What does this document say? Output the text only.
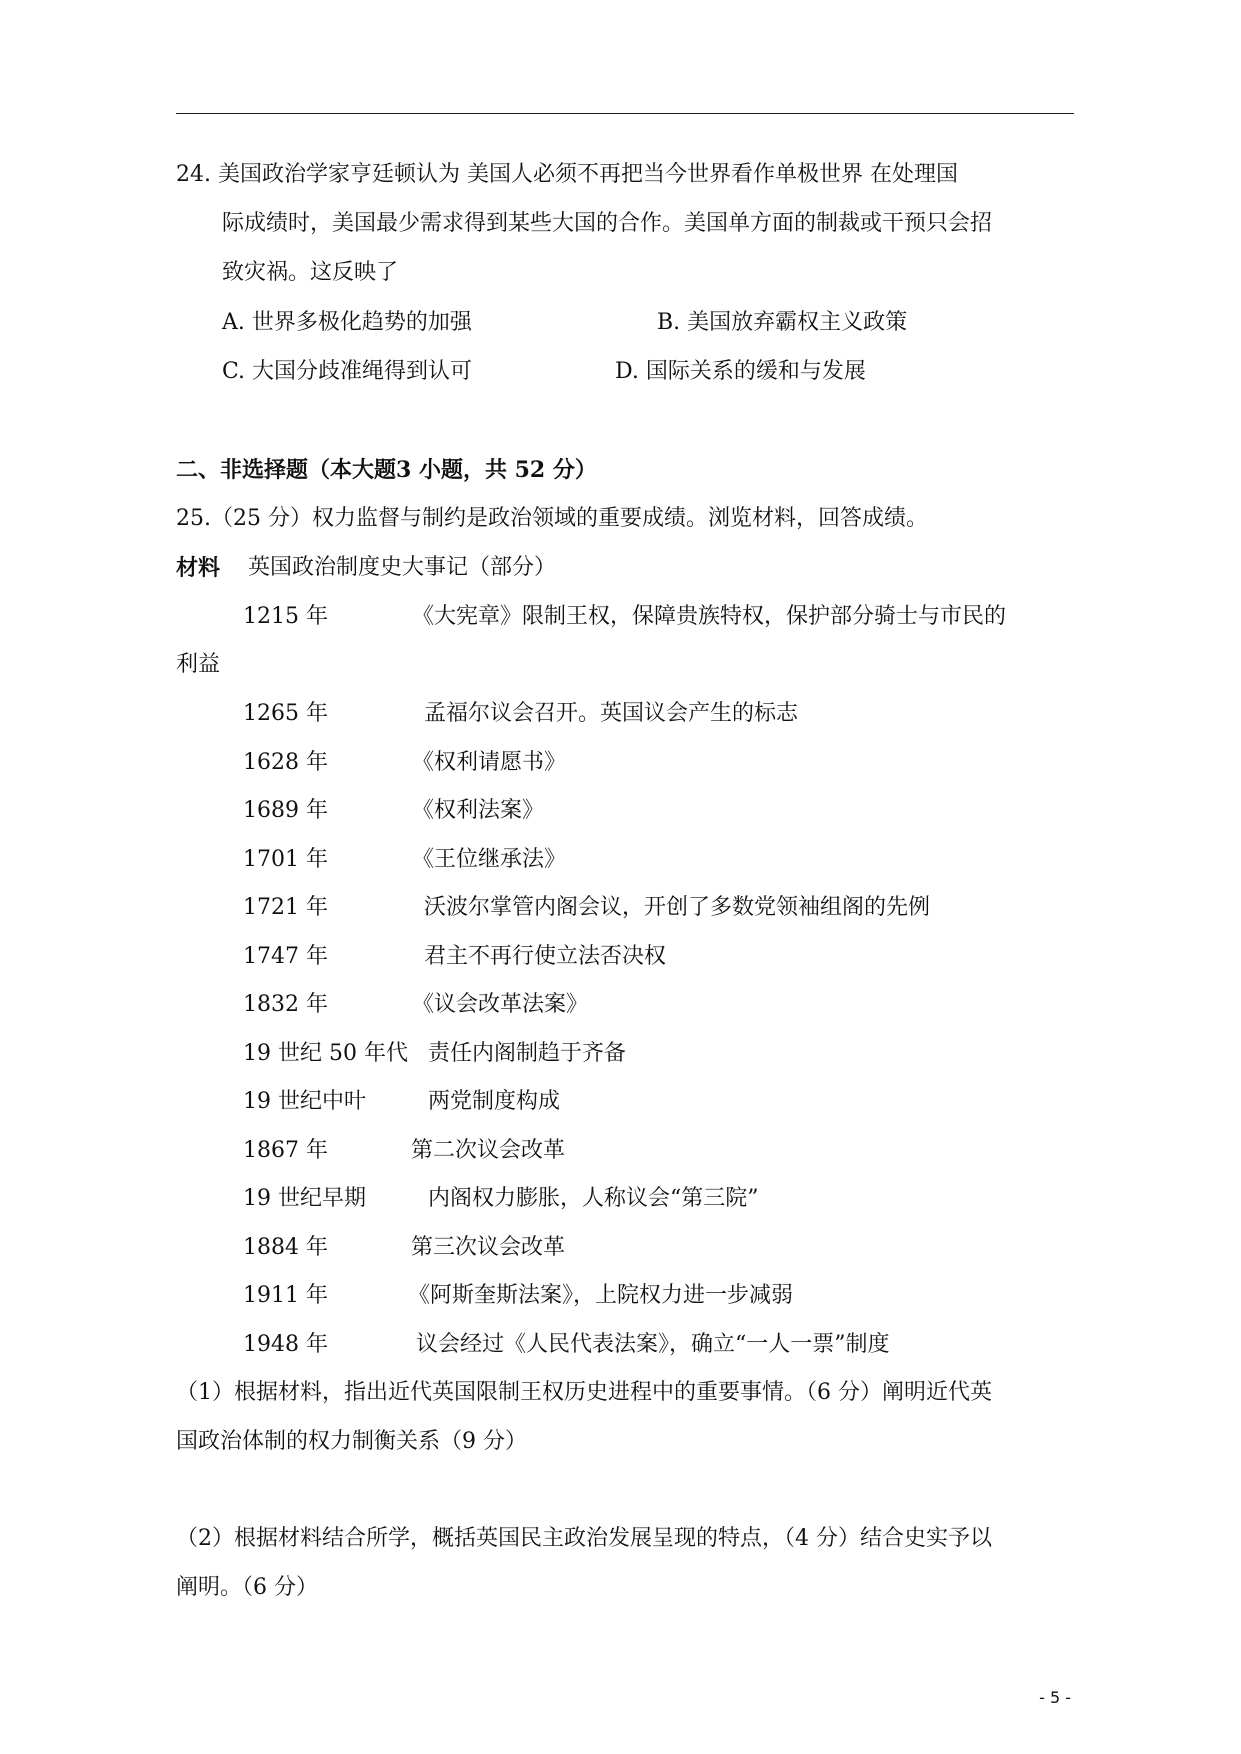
24. 美国政治学家亨廷顿认为 美国人必须不再把当今世界看作单极世界 在处理国
际成绩时，美国最少需求得到某些大国的合作。美国单方面的制裁或干预只会招
致灾祸。这反映了
A. 世界多极化趋势的加强	B. 美国放弃霸权主义政策
C. 大国分歧准绳得到认可	D. 国际关系的缓和与发展
二、非选择题（本大题3 小题，共 52 分）
25.（25 分）权力监督与制约是政治领域的重要成绩。浏览材料，回答成绩。
材料 英国政治制度史大事记（部分）
1215 年	《大宪章》限制王权，保障贵族特权，保护部分骑士与市民的
利益
1265 年	孟福尔议会召开。英国议会产生的标志
1628 年	《权利请愿书》
1689 年	《权利法案》
1701 年	《王位继承法》
1721 年	沃波尔掌管内阁会议，开创了多数党领袖组阁的先例
1747 年	君主不再行使立法否决权
1832 年	《议会改革法案》
19 世纪 50 年代 责任内阁制趋于齐备
19 世纪中叶	两党制度构成
1867 年	第二次议会改革
19 世纪早期	内阁权力膨胀，人称议会“第三院”
1884 年	第三次议会改革
1911 年	《阿斯奎斯法案》，上院权力进一步减弱
1948 年	议会经过《人民代表法案》，确立“一人一票”制度
（1）根据材料，指出近代英国限制王权历史进程中的重要事情。（6 分）阐明近代英
国政治体制的权力制衡关系（9 分）
（2）根据材料结合所学，概括英国民主政治发展呈现的特点，（4 分）结合史实予以
阐明。（6 分）
- 5 -
